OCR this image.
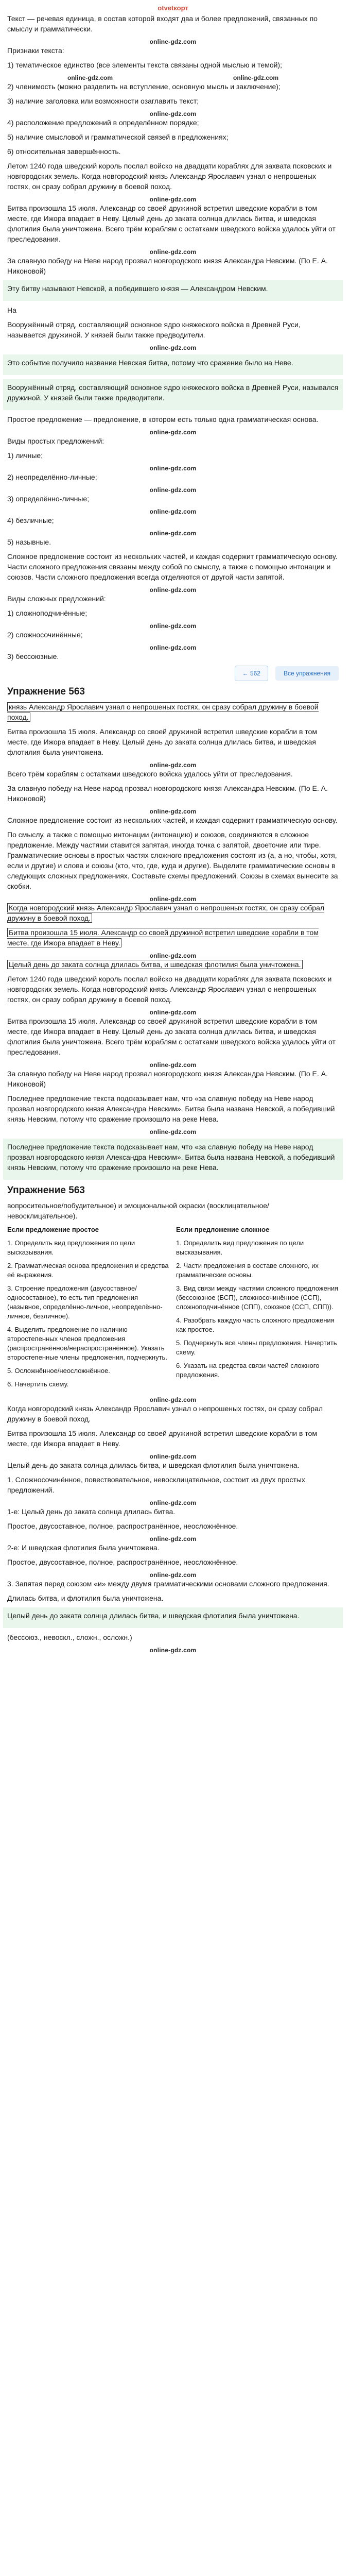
otvetкорт

Текст — речевая единица, в состав которой входят два и более предложений, связанных по смыслу и грамматически.

online-gdz.com

Признаки текста:

1) тематическое единство (все элементы текста связаны одной мыслью и темой);

online-gdz.com	online-gdz.com

2) членимость (можно разделить на вступление, основную мысль и заключение);

3) наличие заголовка или возможности озаглавить текст;

online-gdz.com

4) расположение предложений в определённом порядке;

5) наличие смысловой и грамматической связей в предложениях;

6) относительная завершённость.

Летом 1240 года шведский король послал войско на двадцати кораблях для захвата псковских и новгородских земель. Когда новгородский князь Александр Ярославич узнал о непрошеных гостях, он сразу собрал дружину в боевой поход.

online-gdz.com

Битва произошла 15 июля. Александр со своей дружиной встретил шведские корабли в том месте, где Ижора впадает в Неву. Целый день до заката солнца длилась битва, и шведская флотилия была уничтожена. Всего трём кораблям с остатками шведского войска удалось уйти от преследования.

online-gdz.com

За славную победу на Неве народ прозвал новгородского князя Александра Невским. (По Е. А. Никоновой)

Эту битву называют Невской, а победившего князя — Александром Невским.

На

Вооружённый отряд, составляющий основное ядро княжеского войска в Древней Руси, называется дружиной. У князей были также предводители.

online-gdz.com

Это событие получило название Невская битва, потому что сражение было на Неве.

Вооружённый отряд, составляющий основное ядро княжеского войска в Древней Руси, назывался дружиной. У князей были также предводители.

Простое предложение — предложение, в котором есть только одна грамматическая основа.

online-gdz.com

Виды простых предложений:

1) личные;

online-gdz.com

2) неопределённо-личные;

online-gdz.com

3) определённо-личные;

online-gdz.com

4) безличные;

online-gdz.com

5) назывные.

Сложное предложение состоит из нескольких частей, и каждая содержит грамматическую основу. Части сложного предложения связаны между собой по смыслу, а также с помощью интонации и союзов. Части сложного предложения всегда отделяются от другой части запятой.

online-gdz.com

Виды сложных предложений:

1) сложноподчинённые;

online-gdz.com

2) сложносочинённые;

online-gdz.com

3) бессоюзные.

← 562	Все упражнения
Упражнение 563

князь Александр Ярославич узнал о непрошеных гостях, он сразу собрал дружину в боевой поход.

Битва произошла 15 июля. Александр со своей дружиной встретил шведские корабли в том месте, где Ижора впадает в Неву. Целый день до заката солнца длилась битва, и шведская флотилия была уничтожена.

online-gdz.com

Всего трём кораблям с остатками шведского войска удалось уйти от преследования.

За славную победу на Неве народ прозвал новгородского князя Александра Невским. (По Е. А. Никоновой)

online-gdz.com

Сложное предложение состоит из нескольких частей, и каждая содержит грамматическую основу.

По смыслу, а также с помощью интонации (интонацию) и союзов, соединяются в сложное предложение. Между частями ставится запятая, иногда точка с запятой, двоеточие или тире. Грамматические основы в простых частях сложного предложения состоят из (а, а но, чтобы, хотя, если и другие) и слова и союзы (кто, что, где, куда и другие). Выделите грамматические основы в следующих сложных предложениях. Составьте схемы предложений. Союзы в схемах вынесите за скобки.

online-gdz.com

Когда новгородский князь Александр Ярославич узнал о непрошеных гостях, он сразу собрал дружину в боевой поход.

Битва произошла 15 июля. Александр со своей дружиной встретил шведские корабли в том месте, где Ижора впадает в Неву.

online-gdz.com

Целый день до заката солнца длилась битва, и шведская флотилия была уничтожена.

Летом 1240 года шведский король послал войско на двадцати кораблях для захвата псковских и новгородских земель. Когда новгородский князь Александр Ярославич узнал о непрошеных гостях, он сразу собрал дружину в боевой поход.

online-gdz.com

Битва произошла 15 июля. Александр со своей дружиной встретил шведские корабли в том месте, где Ижора впадает в Неву. Целый день до заката солнца длилась битва, и шведская флотилия была уничтожена. Всего трём кораблям с остатками шведского войска удалось уйти от преследования.

online-gdz.com

За славную победу на Неве народ прозвал новгородского князя Александра Невским. (По Е. А. Никоновой)

Последнее предложение текста подсказывает нам, что «за славную победу на Неве народ прозвал новгородского князя Александра Невским». Битва была названа Невской, а победивший князь Невским, потому что сражение произошло на реке Нева.

online-gdz.com

Последнее предложение текста подсказывает нам, что «за славную победу на Неве народ прозвал новгородского князя Александра Невским». Битва была названа Невской, а победивший князь Невским, потому что сражение произошло на реке Нева.

Упражнение 563

вопросительное/побудительное) и эмоциональной окраски (восклицательное/невосклицательное).

Если предложение простое

1. Определить вид предложения по цели высказывания.

2. Грамматическая основа предложения и средства её выражения.

3. Строение предложения (двусоставное/односоставное), то есть тип предложения (назывное, определённо-личное, неопределённо-личное, безличное).

4. Выделить предложение по наличию второстепенных членов предложения (распространённое/нераспространённое). Указать второстепенные члены предложения, подчеркнуть.

5. Осложнённое/неосложнённое.

6. Начертить схему.

Если предложение сложное

1. Определить вид предложения по цели высказывания.

2. Части предложения в составе сложного, их грамматические основы.

3. Вид связи между частями сложного предложения (бессоюзное (БСП), сложносочинённое (ССП), сложноподчинённое (СПП), союзное (ССП, СПП)).

4. Разобрать каждую часть сложного предложения как простое.

5. Подчеркнуть все члены предложения. Начертить схему.

6. Указать на средства связи частей сложного предложения.

online-gdz.com

Когда новгородский князь Александр Ярославич узнал о непрошеных гостях, он сразу собрал дружину в боевой поход.

Битва произошла 15 июля. Александр со своей дружиной встретил шведские корабли в том месте, где Ижора впадает в Неву.

online-gdz.com

Целый день до заката солнца длилась битва, и шведская флотилия была уничтожена.

1. Сложносочинённое, повествовательное, невосклицательное, состоит из двух простых предложений.

online-gdz.com

1-е: Целый день до заката солнца длилась битва.

Простое, двусоставное, полное, распространённое, неосложнённое.

online-gdz.com

2-е: И шведская флотилия была уничтожена.

Простое, двусоставное, полное, распространённое, неосложнённое.

online-gdz.com

3. Запятая перед союзом «и» между двумя грамматическими основами сложного предложения.

Длилась битва, и флотилия была уничтожена.

Целый день до заката солнца длилась битва, и шведская флотилия была уничтожена.

(бессоюз., невоскл., сложн., осложн.)

online-gdz.com
